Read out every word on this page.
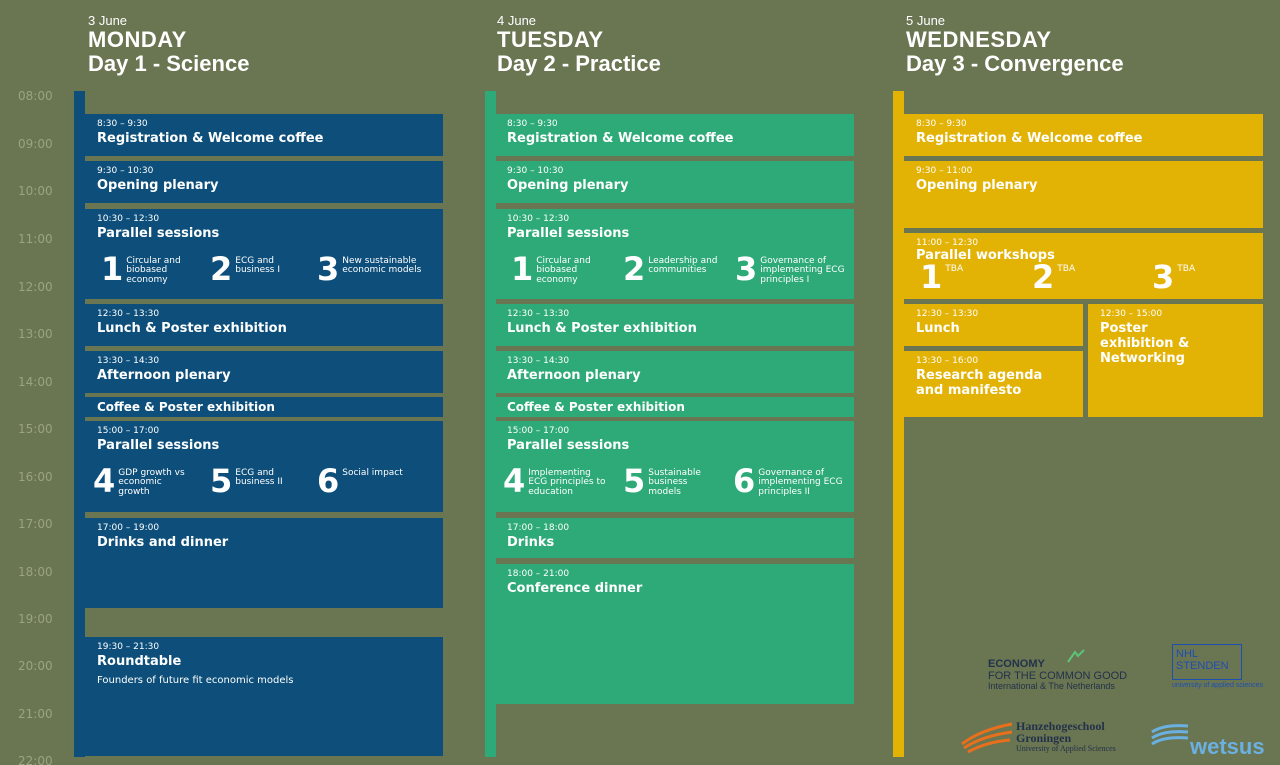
08:00
09:00
10:00
11:00
12:00
13:00
14:00
15:00
16:00
17:00
18:00
19:00
20:00
21:00
22:00
3 June
MONDAY
Day 1 - Science
8:30 – 9:30
Registration & Welcome coffee
9:30 – 10:30
Opening plenary
10:30 – 12:30
Parallel sessions
1 Circular and biobased economy	2 ECG and business I	3 New sustainable economic models
12:30 – 13:30
Lunch & Poster exhibition
13:30 – 14:30
Afternoon plenary
Coffee & Poster exhibition
15:00 – 17:00
Parallel sessions
4 GDP growth vs economic growth	5 ECG and business II	6 Social impact
17:00 – 19:00
Drinks and dinner
19:30 – 21:30
Roundtable
Founders of future fit economic models
4 June
TUESDAY
Day 2 - Practice
8:30 – 9:30
Registration & Welcome coffee
9:30 – 10:30
Opening plenary
10:30 – 12:30
Parallel sessions
1 Circular and biobased economy	2 Leadership and communities 3 Governance of implementing ECG principles I
12:30 – 13:30
Lunch & Poster exhibition
13:30 – 14:30
Afternoon plenary
Coffee & Poster exhibition
15:00 – 17:00
Parallel sessions
4 Implementing ECG principles to education	5 Sustainable business models	6 Governance of implementing ECG principles II
17:00 – 18:00
Drinks
18:00 – 21:00
Conference dinner
5 June
WEDNESDAY
Day 3 - Convergence
8:30 – 9:30
Registration & Welcome coffee
9:30 – 11:00
Opening plenary
11:00 – 12:30
Parallel workshops
1 TBA 2 TBA 3 TBA
12:30 – 13:30
Lunch
13:30 – 16:00
Research agenda and manifesto
12:30 – 15:00
Poster exhibition & Networking
ECONOMY
FOR THE COMMON GOOD
International & The Netherlands
NHL
STENDEN
university of applied sciences
Hanzehogeschool
Groningen
University of Applied Sciences	wetsus
